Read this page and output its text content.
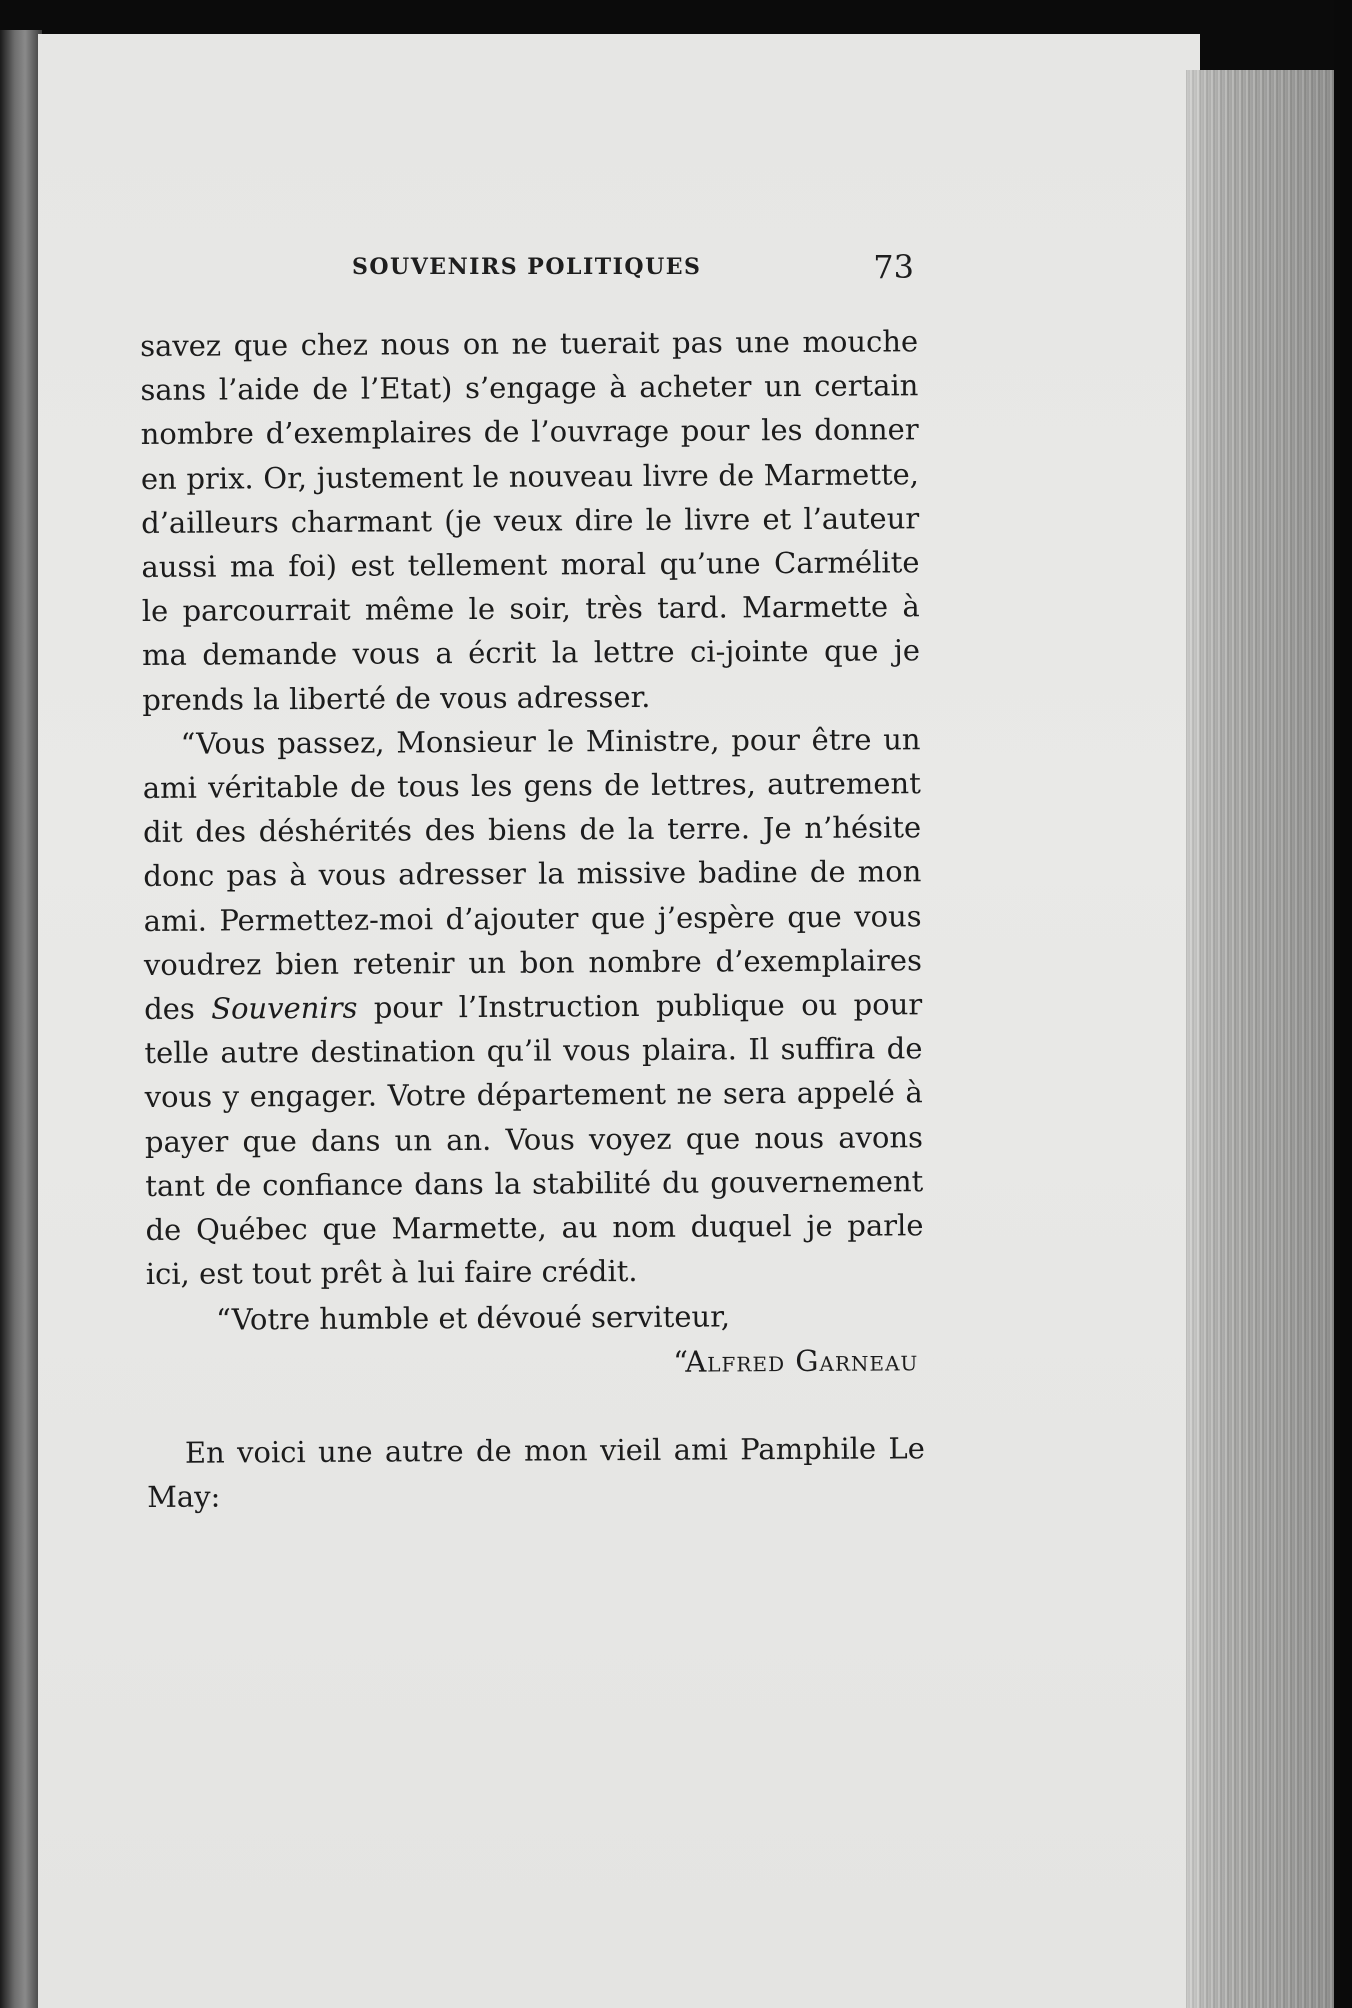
SOUVENIRS POLITIQUES	73

savez que chez nous on ne tuerait pas une mouche sans l’aide de l’Etat) s’engage à acheter un certain nombre d’exemplaires de l’ouvrage pour les donner en prix. Or, justement le nouveau livre de Marmette, d’ailleurs charmant (je veux dire le livre et l’auteur aussi ma foi) est tellement moral qu’une Carmélite le parcourrait même le soir, très tard. Marmette à ma demande vous a écrit la lettre ci-jointe que je prends la liberté de vous adresser.

“Vous passez, Monsieur le Ministre, pour être un ami véritable de tous les gens de lettres, autrement dit des déshérités des biens de la terre. Je n’hésite donc pas à vous adresser la missive badine de mon ami. Permettez-moi d’ajouter que j’espère que vous voudrez bien retenir un bon nombre d’exemplaires des Souvenirs pour l’Instruction publique ou pour telle autre destination qu’il vous plaira. Il suffira de vous y engager. Votre département ne sera appelé à payer que dans un an. Vous voyez que nous avons tant de confiance dans la stabilité du gouvernement de Québec que Marmette, au nom duquel je parle ici, est tout prêt à lui faire crédit.

“Votre humble et dévoué serviteur,

“Alfred Garneau

En voici une autre de mon vieil ami Pamphile Le May:
